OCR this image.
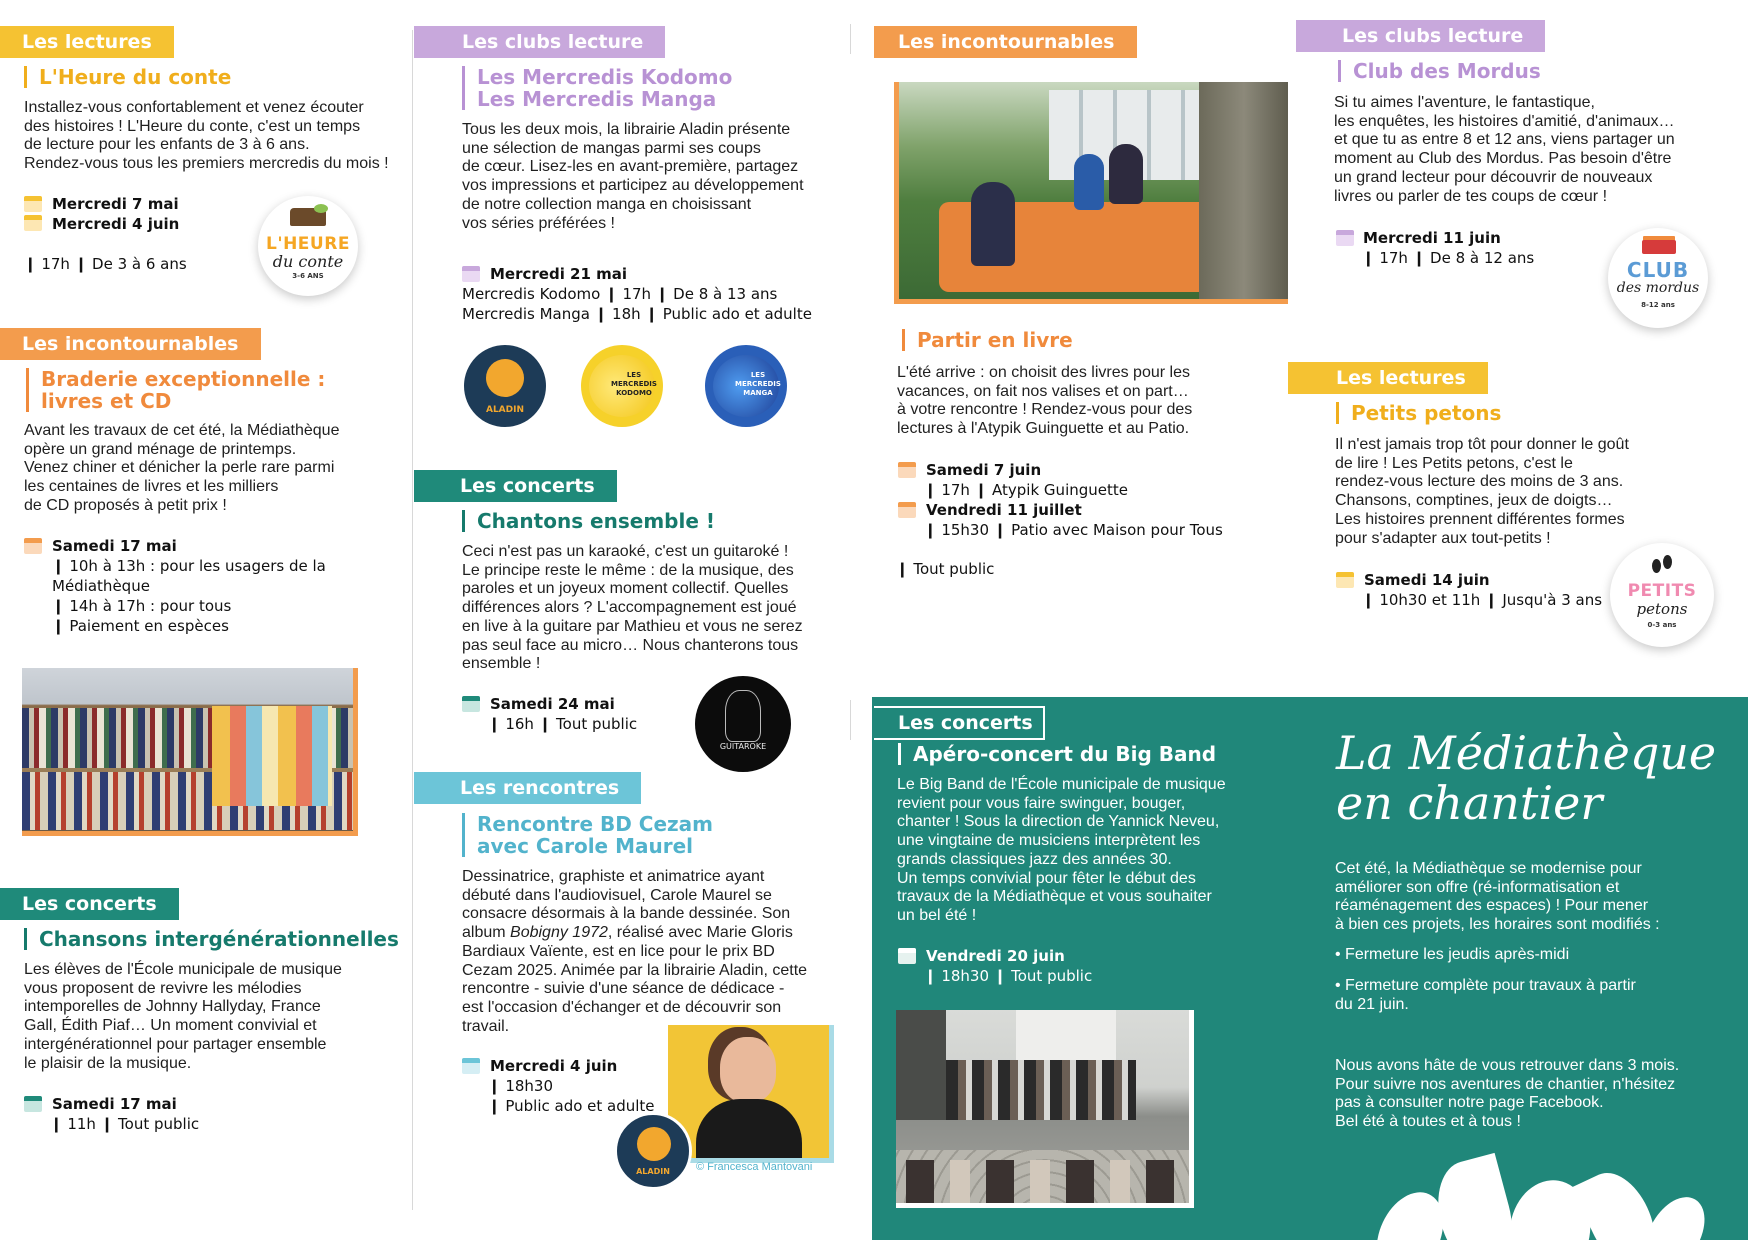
Les lectures
L'Heure du conte
Installez-vous confortablement et venez écouter
des histoires ! L'Heure du conte, c'est un temps
de lecture pour les enfants de 3 à 6 ans.
Rendez-vous tous les premiers mercredis du mois !
Mercredi 7 mai
Mercredi 4 juin
❙ 17h ❙ De 3 à 6 ans
L'HEURE
du conte
3-6 ANS
Les incontournables
Braderie exceptionnelle :
livres et CD
Avant les travaux de cet été, la Médiathèque
opère un grand ménage de printemps.
Venez chiner et dénicher la perle rare parmi
les centaines de livres et les milliers
de CD proposés à petit prix !
Samedi 17 mai
❙ 10h à 13h : pour les usagers de la
Médiathèque
❙ 14h à 17h : pour tous
❙ Paiement en espèces
Les concerts
Chansons intergénérationnelles
Les élèves de l'École municipale de musique
vous proposent de revivre les mélodies
intemporelles de Johnny Hallyday, France
Gall, Édith Piaf… Un moment convivial et
intergénérationnel pour partager ensemble
le plaisir de la musique.
Samedi 17 mai
❙ 11h ❙ Tout public
Les clubs lecture
Les Mercredis Kodomo
Les Mercredis Manga
Tous les deux mois, la librairie Aladin présente
une sélection de mangas parmi ses coups
de cœur. Lisez-les en avant-première, partagez
vos impressions et participez au développement
de notre collection manga en choisissant
vos séries préférées !
Mercredi 21 mai
Mercredis Kodomo ❙ 17h ❙ De 8 à 13 ans
Mercredis Manga ❙ 18h ❙ Public ado et adulte
ALADIN
LES MERCREDIS KODOMO
LES MERCREDIS MANGA
Les concerts
Chantons ensemble !
Ceci n'est pas un karaoké, c'est un guitaroké !
Le principe reste le même : de la musique, des
paroles et un joyeux moment collectif. Quelles
différences alors ? L'accompagnement est joué
en live à la guitare par Mathieu et vous ne serez
pas seul face au micro… Nous chanterons tous
ensemble !
Samedi 24 mai
❙ 16h ❙ Tout public
GUITAROKE
Les rencontres
Rencontre BD Cezam
avec Carole Maurel
Dessinatrice, graphiste et animatrice ayant
débuté dans l'audiovisuel, Carole Maurel se
consacre désormais à la bande dessinée. Son
album Bobigny 1972, réalisé avec Marie Gloris
Bardiaux Vaïente, est en lice pour le prix BD
Cezam 2025. Animée par la librairie Aladin, cette
rencontre - suivie d'une séance de dédicace -
est l'occasion d'échanger et de découvrir son
travail.
Mercredi 4 juin
❙ 18h30
❙ Public ado et adulte
© Francesca Mantovani
ALADIN
Les incontournables
Partir en livre
L'été arrive : on choisit des livres pour les
vacances, on fait nos valises et on part…
à votre rencontre ! Rendez-vous pour des
lectures à l'Atypik Guinguette et au Patio.
Samedi 7 juin
❙ 17h ❙ Atypik Guinguette
Vendredi 11 juillet
❙ 15h30 ❙ Patio avec Maison pour Tous
❙ Tout public
Les clubs lecture
Club des Mordus
Si tu aimes l'aventure, le fantastique,
les enquêtes, les histoires d'amitié, d'animaux…
et que tu as entre 8 et 12 ans, viens partager un
moment au Club des Mordus. Pas besoin d'être
un grand lecteur pour découvrir de nouveaux
livres ou parler de tes coups de cœur !
Mercredi 11 juin
❙ 17h ❙ De 8 à 12 ans	CLUB
des mordus
8-12 ans
Les lectures
Petits petons
Il n'est jamais trop tôt pour donner le goût
de lire ! Les Petits petons, c'est le
rendez-vous lecture des moins de 3 ans.
Chansons, comptines, jeux de doigts…
Les histoires prennent différentes formes
pour s'adapter aux tout-petits !
Samedi 14 juin
❙ 10h30 et 11h ❙ Jusqu'à 3 ans	PETITS
petons
0-3 ans
Les concerts
Apéro-concert du Big Band
Le Big Band de l'École municipale de musique
revient pour vous faire swinguer, bouger,
chanter ! Sous la direction de Yannick Neveu,
une vingtaine de musiciens interprètent les
grands classiques jazz des années 30.
Un temps convivial pour fêter le début des
travaux de la Médiathèque et vous souhaiter
un bel été !
Vendredi 20 juin
❙ 18h30 ❙ Tout public
La Médiathèque
en chantier
Cet été, la Médiathèque se modernise pour
améliorer son offre (ré-informatisation et
réaménagement des espaces) ! Pour mener
à bien ces projets, les horaires sont modifiés :
• Fermeture les jeudis après-midi
• Fermeture complète pour travaux à partir
du 21 juin.
Nous avons hâte de vous retrouver dans 3 mois.
Pour suivre nos aventures de chantier, n'hésitez
pas à consulter notre page Facebook.
Bel été à toutes et à tous !
